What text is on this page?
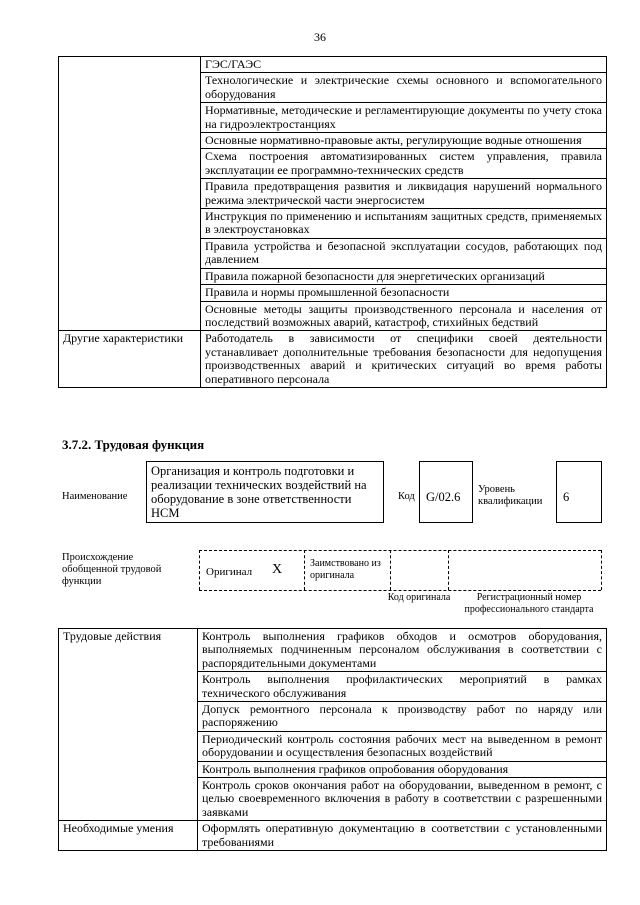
36
	ГЭС/ГАЭС
	Технологические и электрические схемы основного и вспомогательного оборудования
	Нормативные, методические и регламентирующие документы по учету стока на гидроэлектростанциях
	Основные нормативно-правовые акты, регулирующие водные отношения
	Схема построения автоматизированных систем управления, правила эксплуатации ее программно-технических средств
	Правила предотвращения развития и ликвидация нарушений нормального режима электрической части энергосистем
	Инструкция по применению и испытаниям защитных средств, применяемых в электроустановках
	Правила устройства и безопасной эксплуатации сосудов, работающих под давлением
	Правила пожарной безопасности для энергетических организаций
	Правила и нормы промышленной безопасности
	Основные методы защиты производственного персонала и населения от последствий возможных аварий, катастроф, стихийных бедствий
Другие характеристики	Работодатель в зависимости от специфики своей деятельности устанавливает дополнительные требования безопасности для недопущения производственных аварий и критических ситуаций во время работы оперативного персонала
3.7.2. Трудовая функция
Наименование
Организация и контроль подготовки и реализации технических воздействий на оборудование в зоне ответственности НСМ
Код G/02.6
Уровень квалификации	6
Происхождение обобщенной трудовой функции
Оригинал X	Заимствовано из оригинала
Код оригинала	Регистрационный номер профессионального стандарта
Трудовые действия	Контроль выполнения графиков обходов и осмотров оборудования, выполняемых подчиненным персоналом обслуживания в соответствии с распорядительными документами
	Контроль выполнения профилактических мероприятий в рамках технического обслуживания
	Допуск ремонтного персонала к производству работ по наряду или распоряжению
	Периодический контроль состояния рабочих мест на выведенном в ремонт оборудовании и осуществления безопасных воздействий
	Контроль выполнения графиков опробования оборудования
	Контроль сроков окончания работ на оборудовании, выведенном в ремонт, с целью своевременного включения в работу в соответствии с разрешенными заявками
Необходимые умения	Оформлять оперативную документацию в соответствии с установленными требованиями
